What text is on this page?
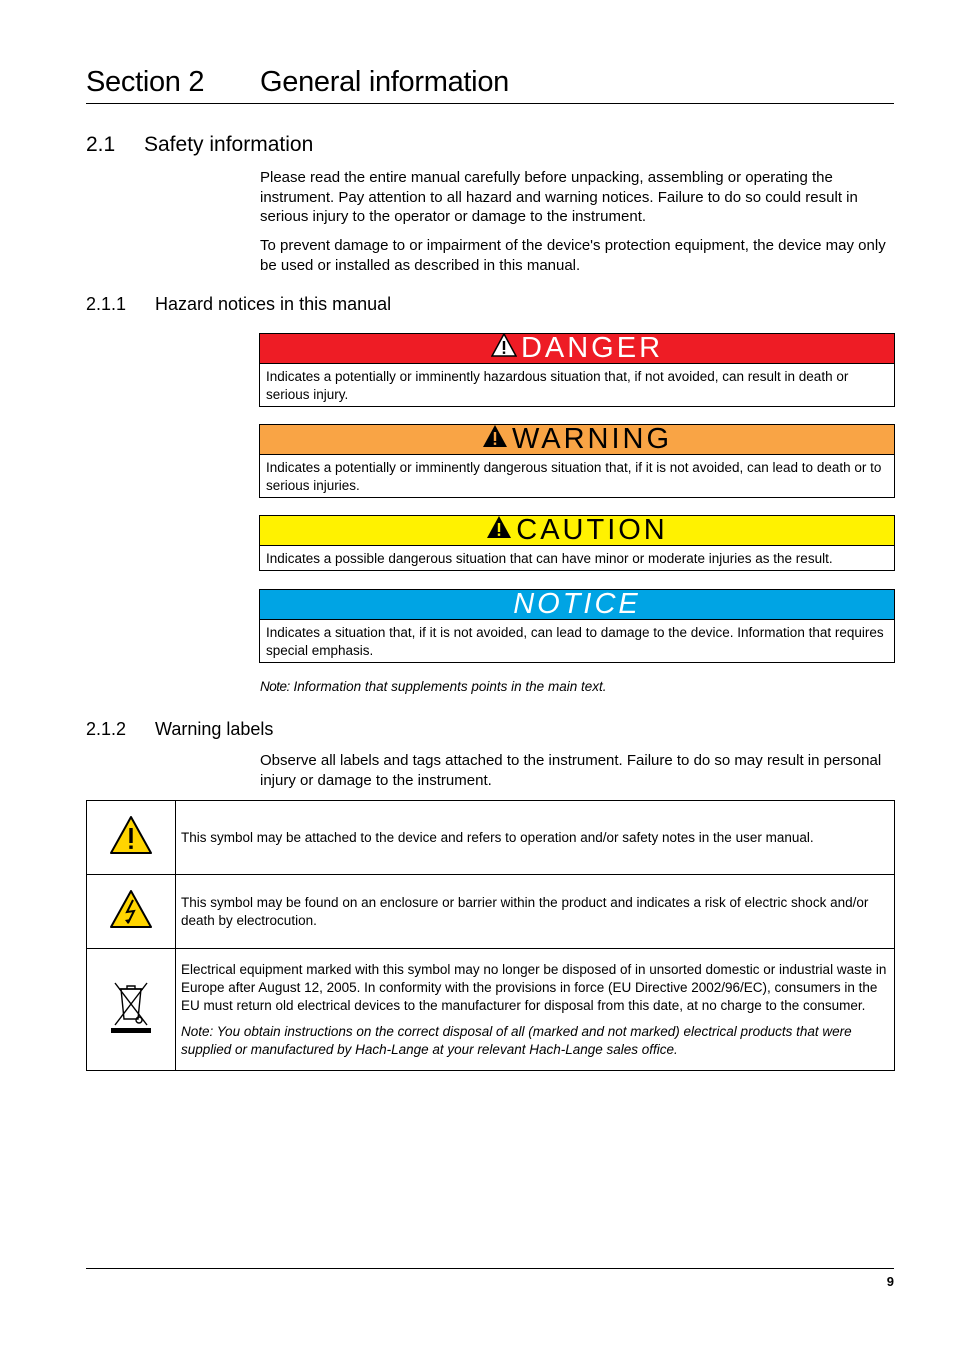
Section 2 General information
2.1 Safety information

Please read the entire manual carefully before unpacking, assembling or operating the instrument. Pay attention to all hazard and warning notices. Failure to do so could result in serious injury to the operator or damage to the instrument.

To prevent damage to or impairment of the device's protection equipment, the device may only be used or installed as described in this manual.

2.1.1 Hazard notices in this manual
DANGER
Indicates a potentially or imminently hazardous situation that, if not avoided, can result in death or serious injury.
WARNING
Indicates a potentially or imminently dangerous situation that, if it is not avoided, can lead to death or to serious injuries.
CAUTION
Indicates a possible dangerous situation that can have minor or moderate injuries as the result.
NOTICE
Indicates a situation that, if it is not avoided, can lead to damage to the device. Information that requires special emphasis.
Note: Information that supplements points in the main text.
2.1.2 Warning labels

Observe all labels and tags attached to the instrument. Failure to do so may result in personal injury or damage to the instrument.

	This symbol may be attached to the device and refers to operation and/or safety notes in the user manual.
	This symbol may be found on an enclosure or barrier within the product and indicates a risk of electric shock and/or death by electrocution.

Electrical equipment marked with this symbol may no longer be disposed of in unsorted domestic or industrial waste in Europe after August 12, 2005. In conformity with the provisions in force (EU Directive 2002/96/EC), consumers in the EU must return old electrical devices to the manufacturer for disposal from this date, at no charge to the consumer.

Note: You obtain instructions on the correct disposal of all (marked and not marked) electrical products that were supplied or manufactured by Hach-Lange at your relevant Hach-Lange sales office.

9
